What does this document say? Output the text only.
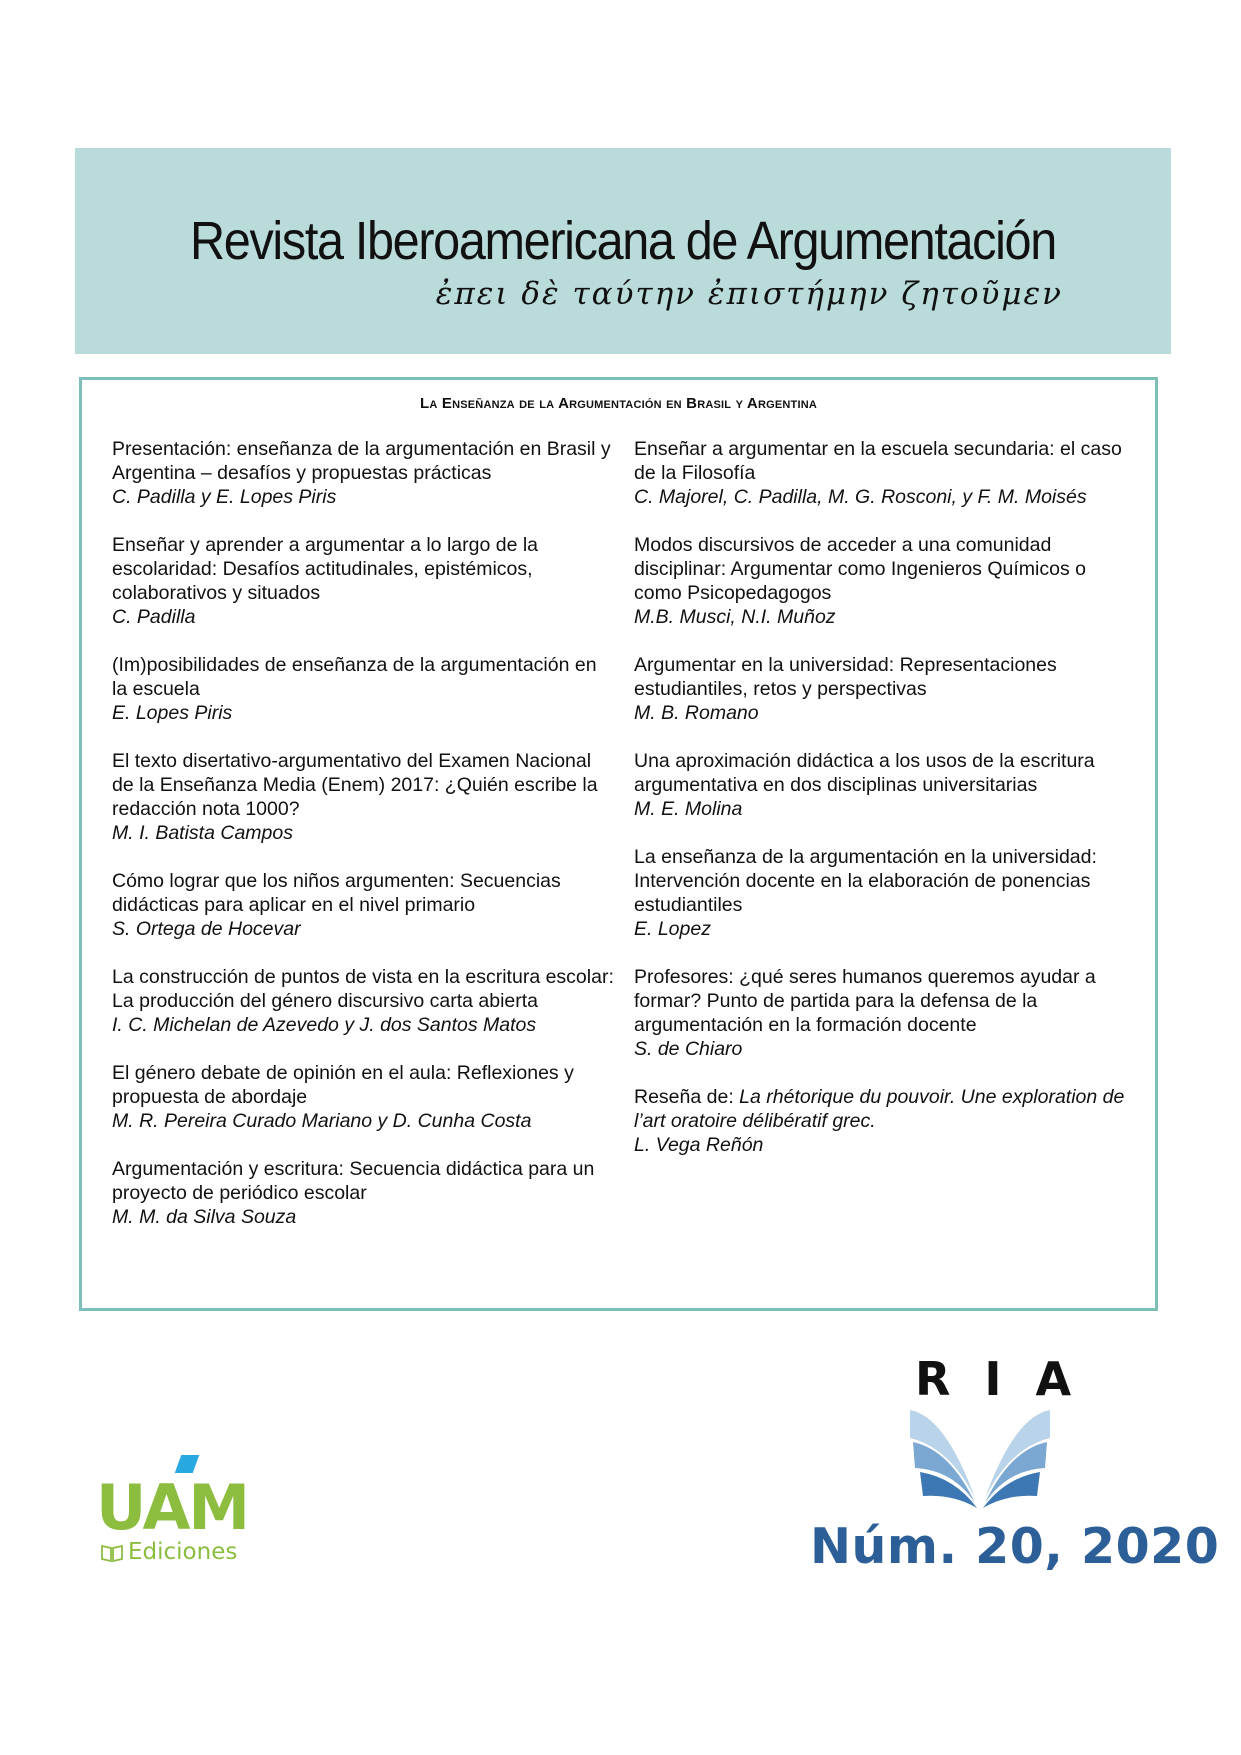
Revista Iberoamericana de Argumentación
ἐπει δὲ ταύτην ἐπιστήμην ζητοῦμεν
La Enseñanza de la Argumentación en Brasil y Argentina
Presentación: enseñanza de la argumentación en Brasil y Argentina – desafíos y propuestas prácticas
C. Padilla y E. Lopes Piris
Enseñar y aprender a argumentar a lo largo de la escolaridad: Desafíos actitudinales, epistémicos, colaborativos y situados
C. Padilla
(Im)posibilidades de enseñanza de la argumentación en la escuela
E. Lopes Piris
El texto disertativo-argumentativo del Examen Nacional de la Enseñanza Media (Enem) 2017: ¿Quién escribe la redacción nota 1000?
M. I. Batista Campos
Cómo lograr que los niños argumenten: Secuencias didácticas para aplicar en el nivel primario
S. Ortega de Hocevar
La construcción de puntos de vista en la escritura escolar: La producción del género discursivo carta abierta
I. C. Michelan de Azevedo y J. dos Santos Matos
El género debate de opinión en el aula: Reflexiones y propuesta de abordaje
M. R. Pereira Curado Mariano y D. Cunha Costa
Argumentación y escritura: Secuencia didáctica para un proyecto de periódico escolar
M. M. da Silva Souza
Enseñar a argumentar en la escuela secundaria: el caso de la Filosofía
C. Majorel, C. Padilla, M. G. Rosconi, y F. M. Moisés
Modos discursivos de acceder a una comunidad disciplinar: Argumentar como Ingenieros Químicos o como Psicopedagogos
M.B. Musci, N.I. Muñoz
Argumentar en la universidad: Representaciones estudiantiles, retos y perspectivas
M. B. Romano
Una aproximación didáctica a los usos de la escritura argumentativa en dos disciplinas universitarias
M. E. Molina
La enseñanza de la argumentación en la universidad: Intervención docente en la elaboración de ponencias estudiantiles
E. Lopez
Profesores: ¿qué seres humanos queremos ayudar a formar? Punto de partida para la defensa de la argumentación en la formación docente
S. de Chiaro
Reseña de: La rhétorique du pouvoir. Une exploration de l’art oratoire délibératif grec.
L. Vega Reñón
UAM
Ediciones
RIA
Núm. 20, 2020
